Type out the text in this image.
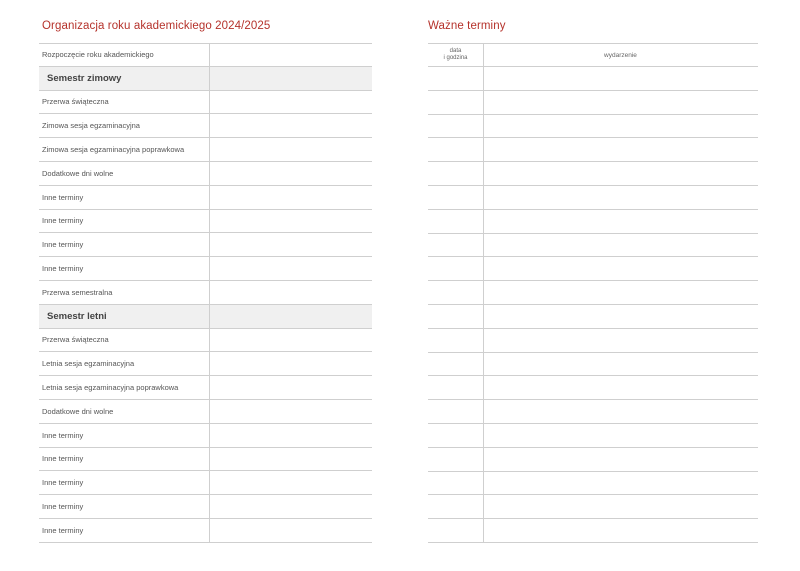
Organizacja roku akademickiego 2024/2025
Rozpoczęcie roku akademickiego
Semestr zimowy
Przerwa świąteczna
Zimowa sesja egzaminacyjna
Zimowa sesja egzaminacyjna poprawkowa
Dodatkowe dni wolne
Inne terminy
Inne terminy
Inne terminy
Inne terminy
Przerwa semestralna
Semestr letni
Przerwa świąteczna
Letnia sesja egzaminacyjna
Letnia sesja egzaminacyjna poprawkowa
Dodatkowe dni wolne
Inne terminy
Inne terminy
Inne terminy
Inne terminy
Inne terminy
Ważne terminy
data
i godzina	wydarzenie
